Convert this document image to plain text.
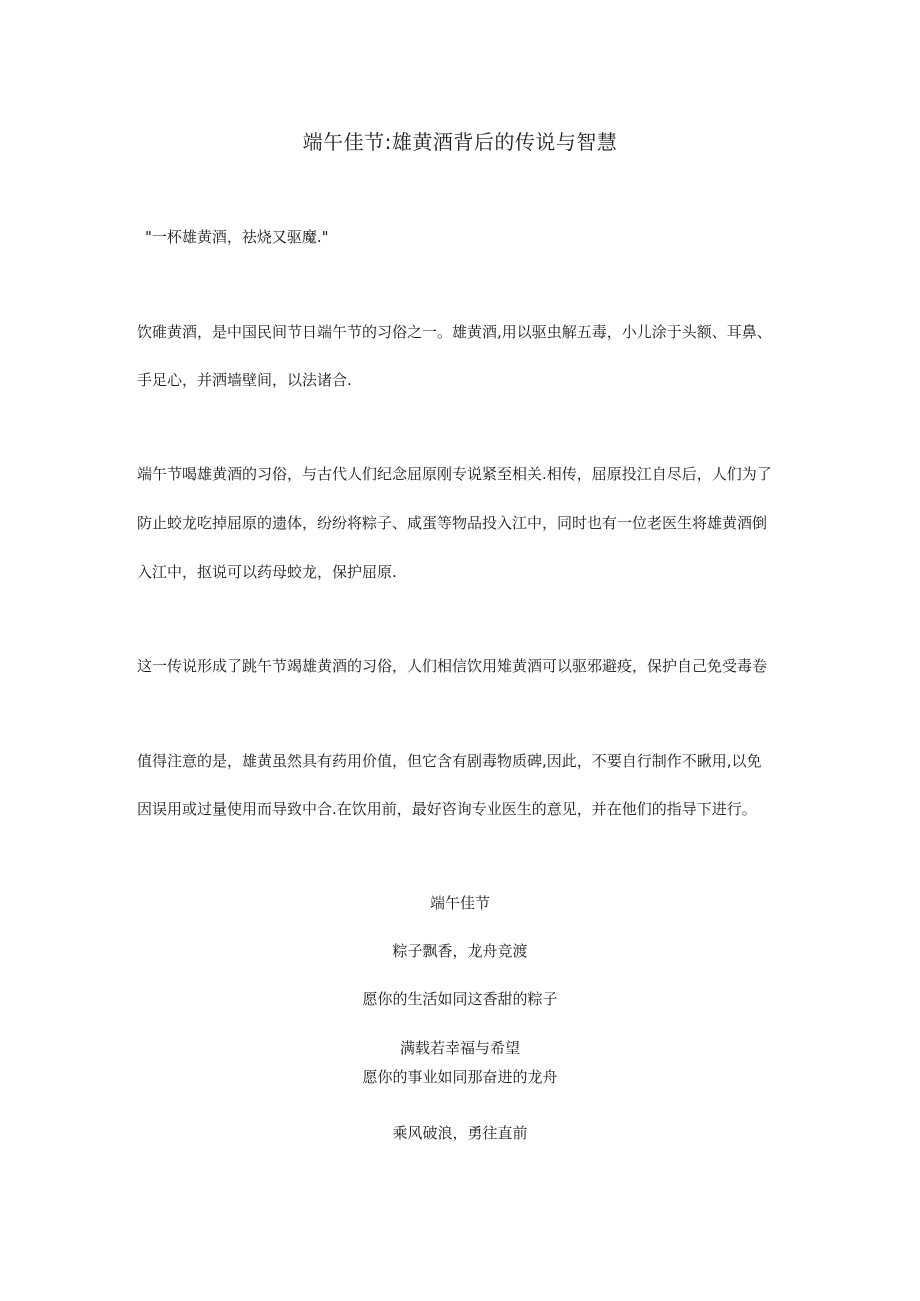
端午佳节:雄黄酒背后的传说与智慧
"一杯雄黄酒，祛烧又驱魔."
饮碓黄酒，是中国民间节日端午节的习俗之一。雄黄酒,用以驱虫解五毒，小儿涂于头额、耳鼻、
手足心，并洒墙壁间，以法诸合.
端午节喝雄黄酒的习俗，与古代人们纪念屈原刚专说紧至相关.相传，屈原投江自尽后，人们为了
防止蛟龙吃掉屈原的遗体，纷纷将粽子、咸蛋等物品投入江中，同时也有一位老医生将雄黄酒倒
入江中，抠说可以药母蛟龙，保护屈原.
这一传说形成了跳午节竭雄黄酒的习俗，人们相信饮用雉黄酒可以驱邪避疫，保护自己免受毒卷
值得注意的是，雄黄虽然具有药用价值，但它含有剧毒物质碑,因此，不要自行制作不瞅用,以免
因误用或过量使用而导致中合.在饮用前，最好咨询专业医生的意见，并在他们的指导下进行。
端午佳节
粽子飘香，龙舟竞渡
愿你的生活如同这香甜的粽子
满载若幸福与希望
愿你的事业如同那奋进的龙舟
乘风破浪，勇往直前
